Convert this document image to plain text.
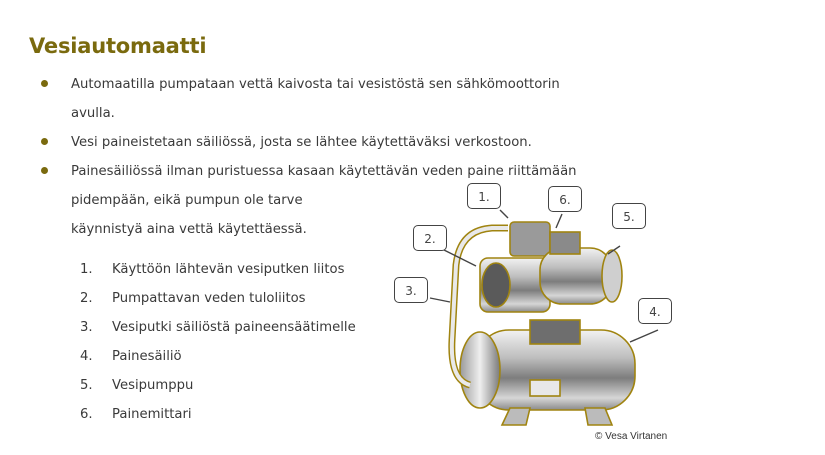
Vesiautomaatti
Automaatilla pumpataan vettä kaivosta tai vesistöstä sen sähkömoottorin
avulla.
Vesi paineistetaan säiliössä, josta se lähtee käytettäväksi verkostoon.
Painesäiliössä ilman puristuessa kasaan käytettävän veden paine riittämään
pidempään, eikä pumpun ole tarve
käynnistyä aina vettä käytettäessä.
1.	Käyttöön lähtevän vesiputken liitos
2.	Pumpattavan veden tuloliitos
3.	Vesiputki säiliöstä paineensäätimelle
4.	Painesäiliö
5.	Vesipumppu
6.	Painemittari
1.	6.
5.
2.
3.
4.
© Vesa Virtanen
